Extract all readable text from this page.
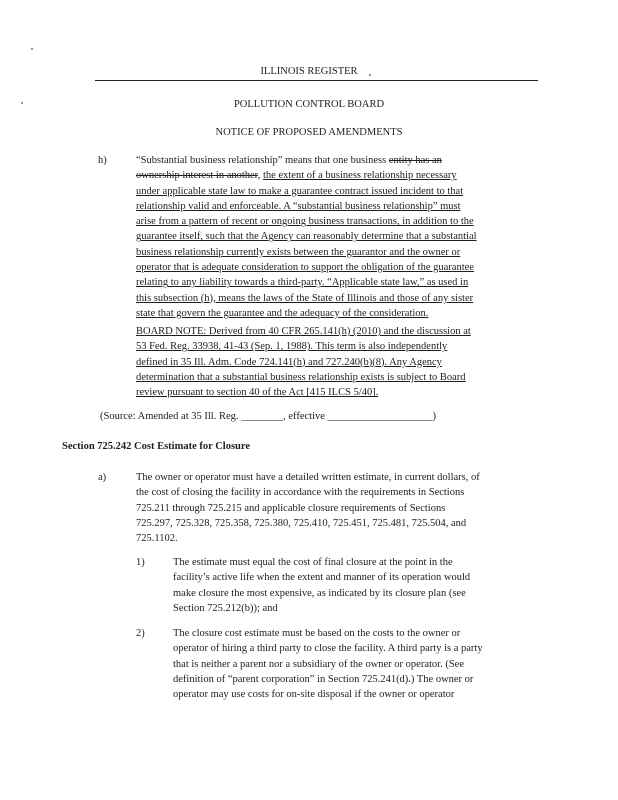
ILLINOIS REGISTER
POLLUTION CONTROL BOARD
NOTICE OF PROPOSED AMENDMENTS
h)	“Substantial business relationship” means that one business entity has an
ownership interest in another, the extent of a business relationship necessary
under applicable state law to make a guarantee contract issued incident to that
relationship valid and enforceable. A “substantial business relationship” must
arise from a pattern of recent or ongoing business transactions, in addition to the
guarantee itself, such that the Agency can reasonably determine that a substantial
business relationship currently exists between the guarantor and the owner or
operator that is adequate consideration to support the obligation of the guarantee
relating to any liability towards a third-party. “Applicable state law,” as used in
this subsection (h), means the laws of the State of Illinois and those of any sister
state that govern the guarantee and the adequacy of the consideration.
BOARD NOTE: Derived from 40 CFR 265.141(h) (2010) and the discussion at
53 Fed. Reg. 33938, 41-43 (Sep. 1, 1988). This term is also independently
defined in 35 Ill. Adm. Code 724.141(h) and 727.240(b)(8). Any Agency
determination that a substantial business relationship exists is subject to Board
review pursuant to section 40 of the Act [415 ILCS 5/40].
(Source: Amended at 35 Ill. Reg. ________, effective ____________________)
Section 725.242 Cost Estimate for Closure
a)	The owner or operator must have a detailed written estimate, in current dollars, of
the cost of closing the facility in accordance with the requirements in Sections
725.211 through 725.215 and applicable closure requirements of Sections
725.297, 725.328, 725.358, 725.380, 725.410, 725.451, 725.481, 725.504, and
725.1102.
1)	The estimate must equal the cost of final closure at the point in the
facility’s active life when the extent and manner of its operation would
make closure the most expensive, as indicated by its closure plan (see
Section 725.212(b)); and
2)	The closure cost estimate must be based on the costs to the owner or
operator of hiring a third party to close the facility. A third party is a party
that is neither a parent nor a subsidiary of the owner or operator. (See
definition of “parent corporation” in Section 725.241(d).) The owner or
operator may use costs for on-site disposal if the owner or operator
